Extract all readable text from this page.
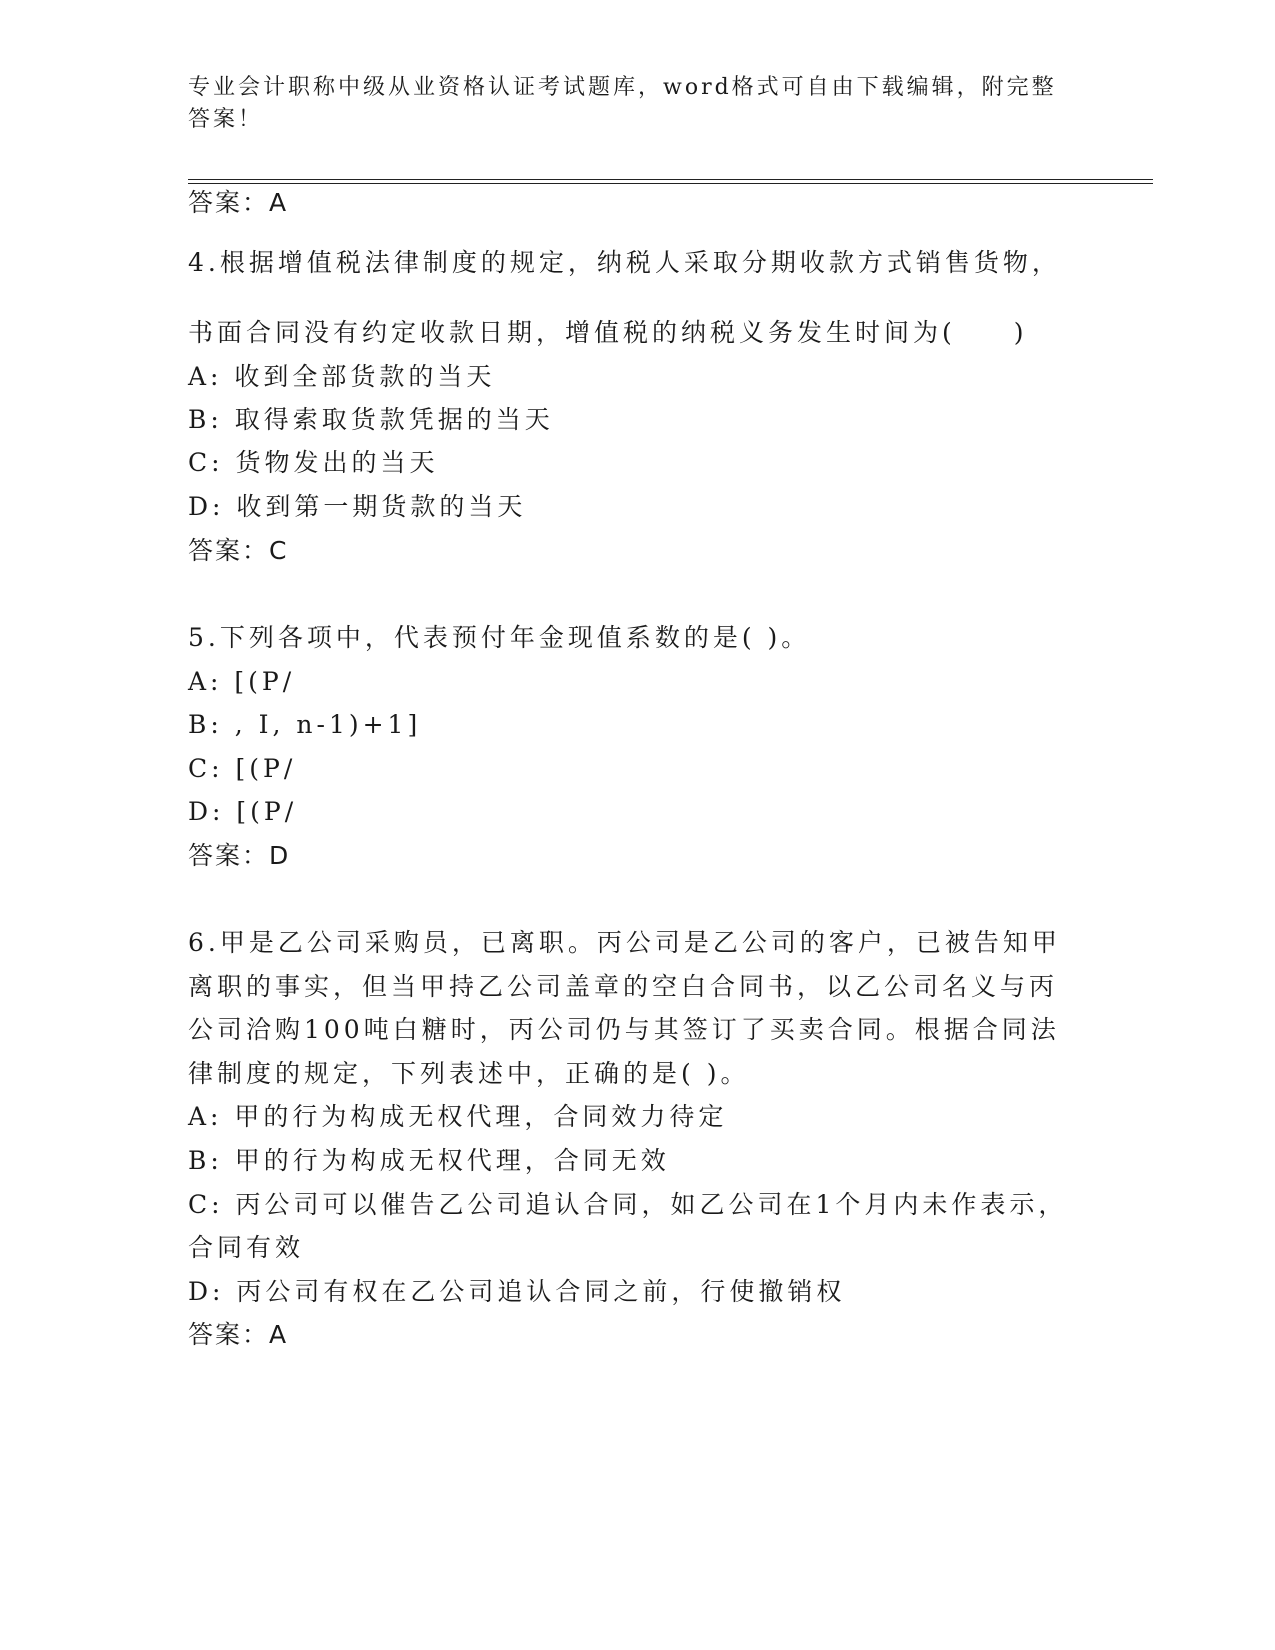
专业会计职称中级从业资格认证考试题库，word格式可自由下载编辑，附完整答案！
答案：A
4.根据增值税法律制度的规定，纳税人采取分期收款方式销售货物，
书面合同没有约定收款日期，增值税的纳税义务发生时间为(　　)
A: 收到全部货款的当天
B: 取得索取货款凭据的当天
C: 货物发出的当天
D: 收到第一期货款的当天
答案：C
5.下列各项中，代表预付年金现值系数的是( )。
A: [(P/
B: , I, n-1)+1]
C: [(P/
D: [(P/
答案：D
6.甲是乙公司采购员，已离职。丙公司是乙公司的客户，已被告知甲
离职的事实，但当甲持乙公司盖章的空白合同书，以乙公司名义与丙
公司洽购100吨白糖时，丙公司仍与其签订了买卖合同。根据合同法
律制度的规定，下列表述中，正确的是( )。
A: 甲的行为构成无权代理，合同效力待定
B: 甲的行为构成无权代理，合同无效
C: 丙公司可以催告乙公司追认合同，如乙公司在1个月内未作表示，
合同有效
D: 丙公司有权在乙公司追认合同之前，行使撤销权
答案：A
